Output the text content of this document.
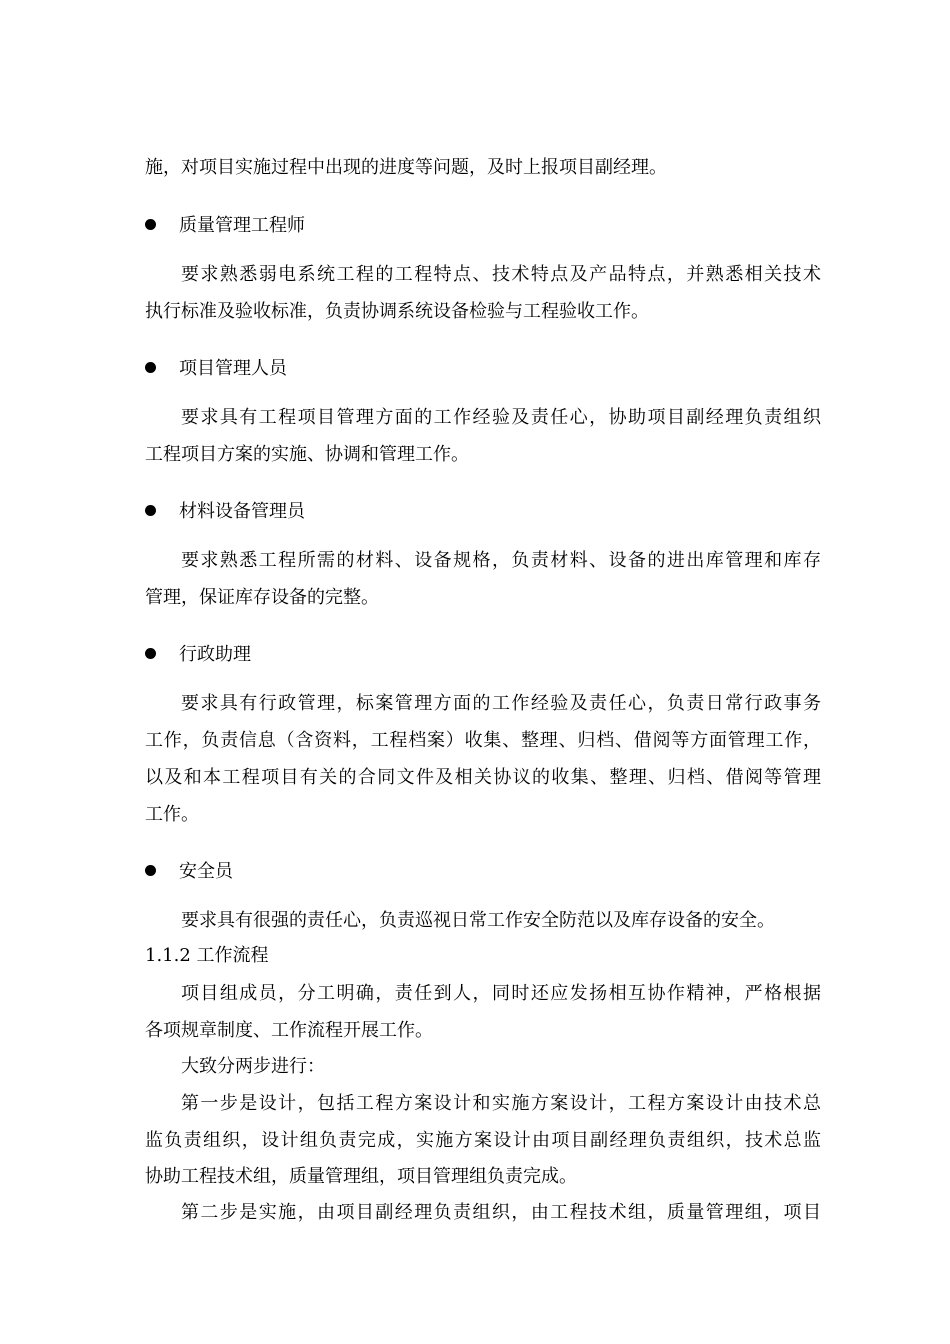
施，对项目实施过程中出现的进度等问题，及时上报项目副经理。
质量管理工程师
要求熟悉弱电系统工程的工程特点、技术特点及产品特点，并熟悉相关技术
执行标准及验收标准，负责协调系统设备检验与工程验收工作。
项目管理人员
要求具有工程项目管理方面的工作经验及责任心，协助项目副经理负责组织
工程项目方案的实施、协调和管理工作。
材料设备管理员
要求熟悉工程所需的材料、设备规格，负责材料、设备的进出库管理和库存
管理，保证库存设备的完整。
行政助理
要求具有行政管理，标案管理方面的工作经验及责任心，负责日常行政事务
工作，负责信息（含资料，工程档案）收集、整理、归档、借阅等方面管理工作，
以及和本工程项目有关的合同文件及相关协议的收集、整理、归档、借阅等管理
工作。
安全员
要求具有很强的责任心，负责巡视日常工作安全防范以及库存设备的安全。
1.1.2 工作流程
项目组成员，分工明确，责任到人，同时还应发扬相互协作精神，严格根据
各项规章制度、工作流程开展工作。
大致分两步进行：
第一步是设计，包括工程方案设计和实施方案设计，工程方案设计由技术总
监负责组织，设计组负责完成，实施方案设计由项目副经理负责组织，技术总监
协助工程技术组，质量管理组，项目管理组负责完成。
第二步是实施，由项目副经理负责组织，由工程技术组，质量管理组，项目
